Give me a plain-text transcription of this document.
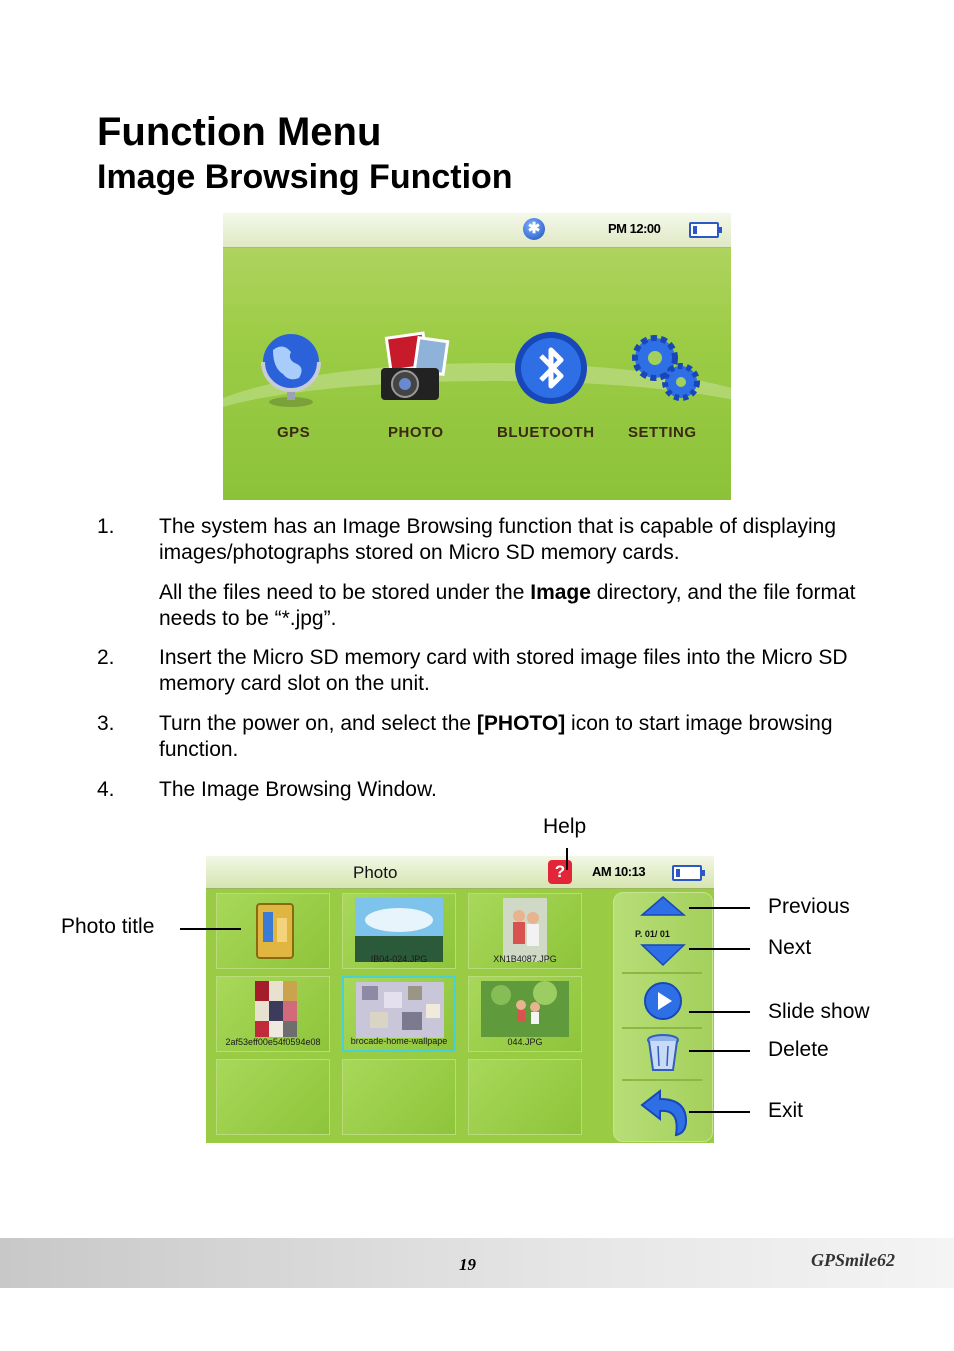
Function Menu
Image Browsing Function
✱	PM 12:00
GPS	PHOTO	BLUETOOTH SETTING
1. The system has an Image Browsing function that is capable of displaying images/photographs stored on Micro SD memory cards.
All the files need to be stored under the Image directory, and the file format needs to be “*.jpg”.
2. Insert the Micro SD memory card with stored image files into the Micro SD memory card slot on the unit.
3. Turn the power on, and select the [PHOTO] icon to start image browsing function.
4. The Image Browsing Window.
Photo	?	AM 10:13
IB04-024.JPG	XN1B4087.JPG
2af53eff00e54f0594e08	brocade-home-wallpape	044.JPG
P. 01/ 01
Help
Photo title
Previous
Next
Slide show
Delete
Exit
19	GPSmile62
